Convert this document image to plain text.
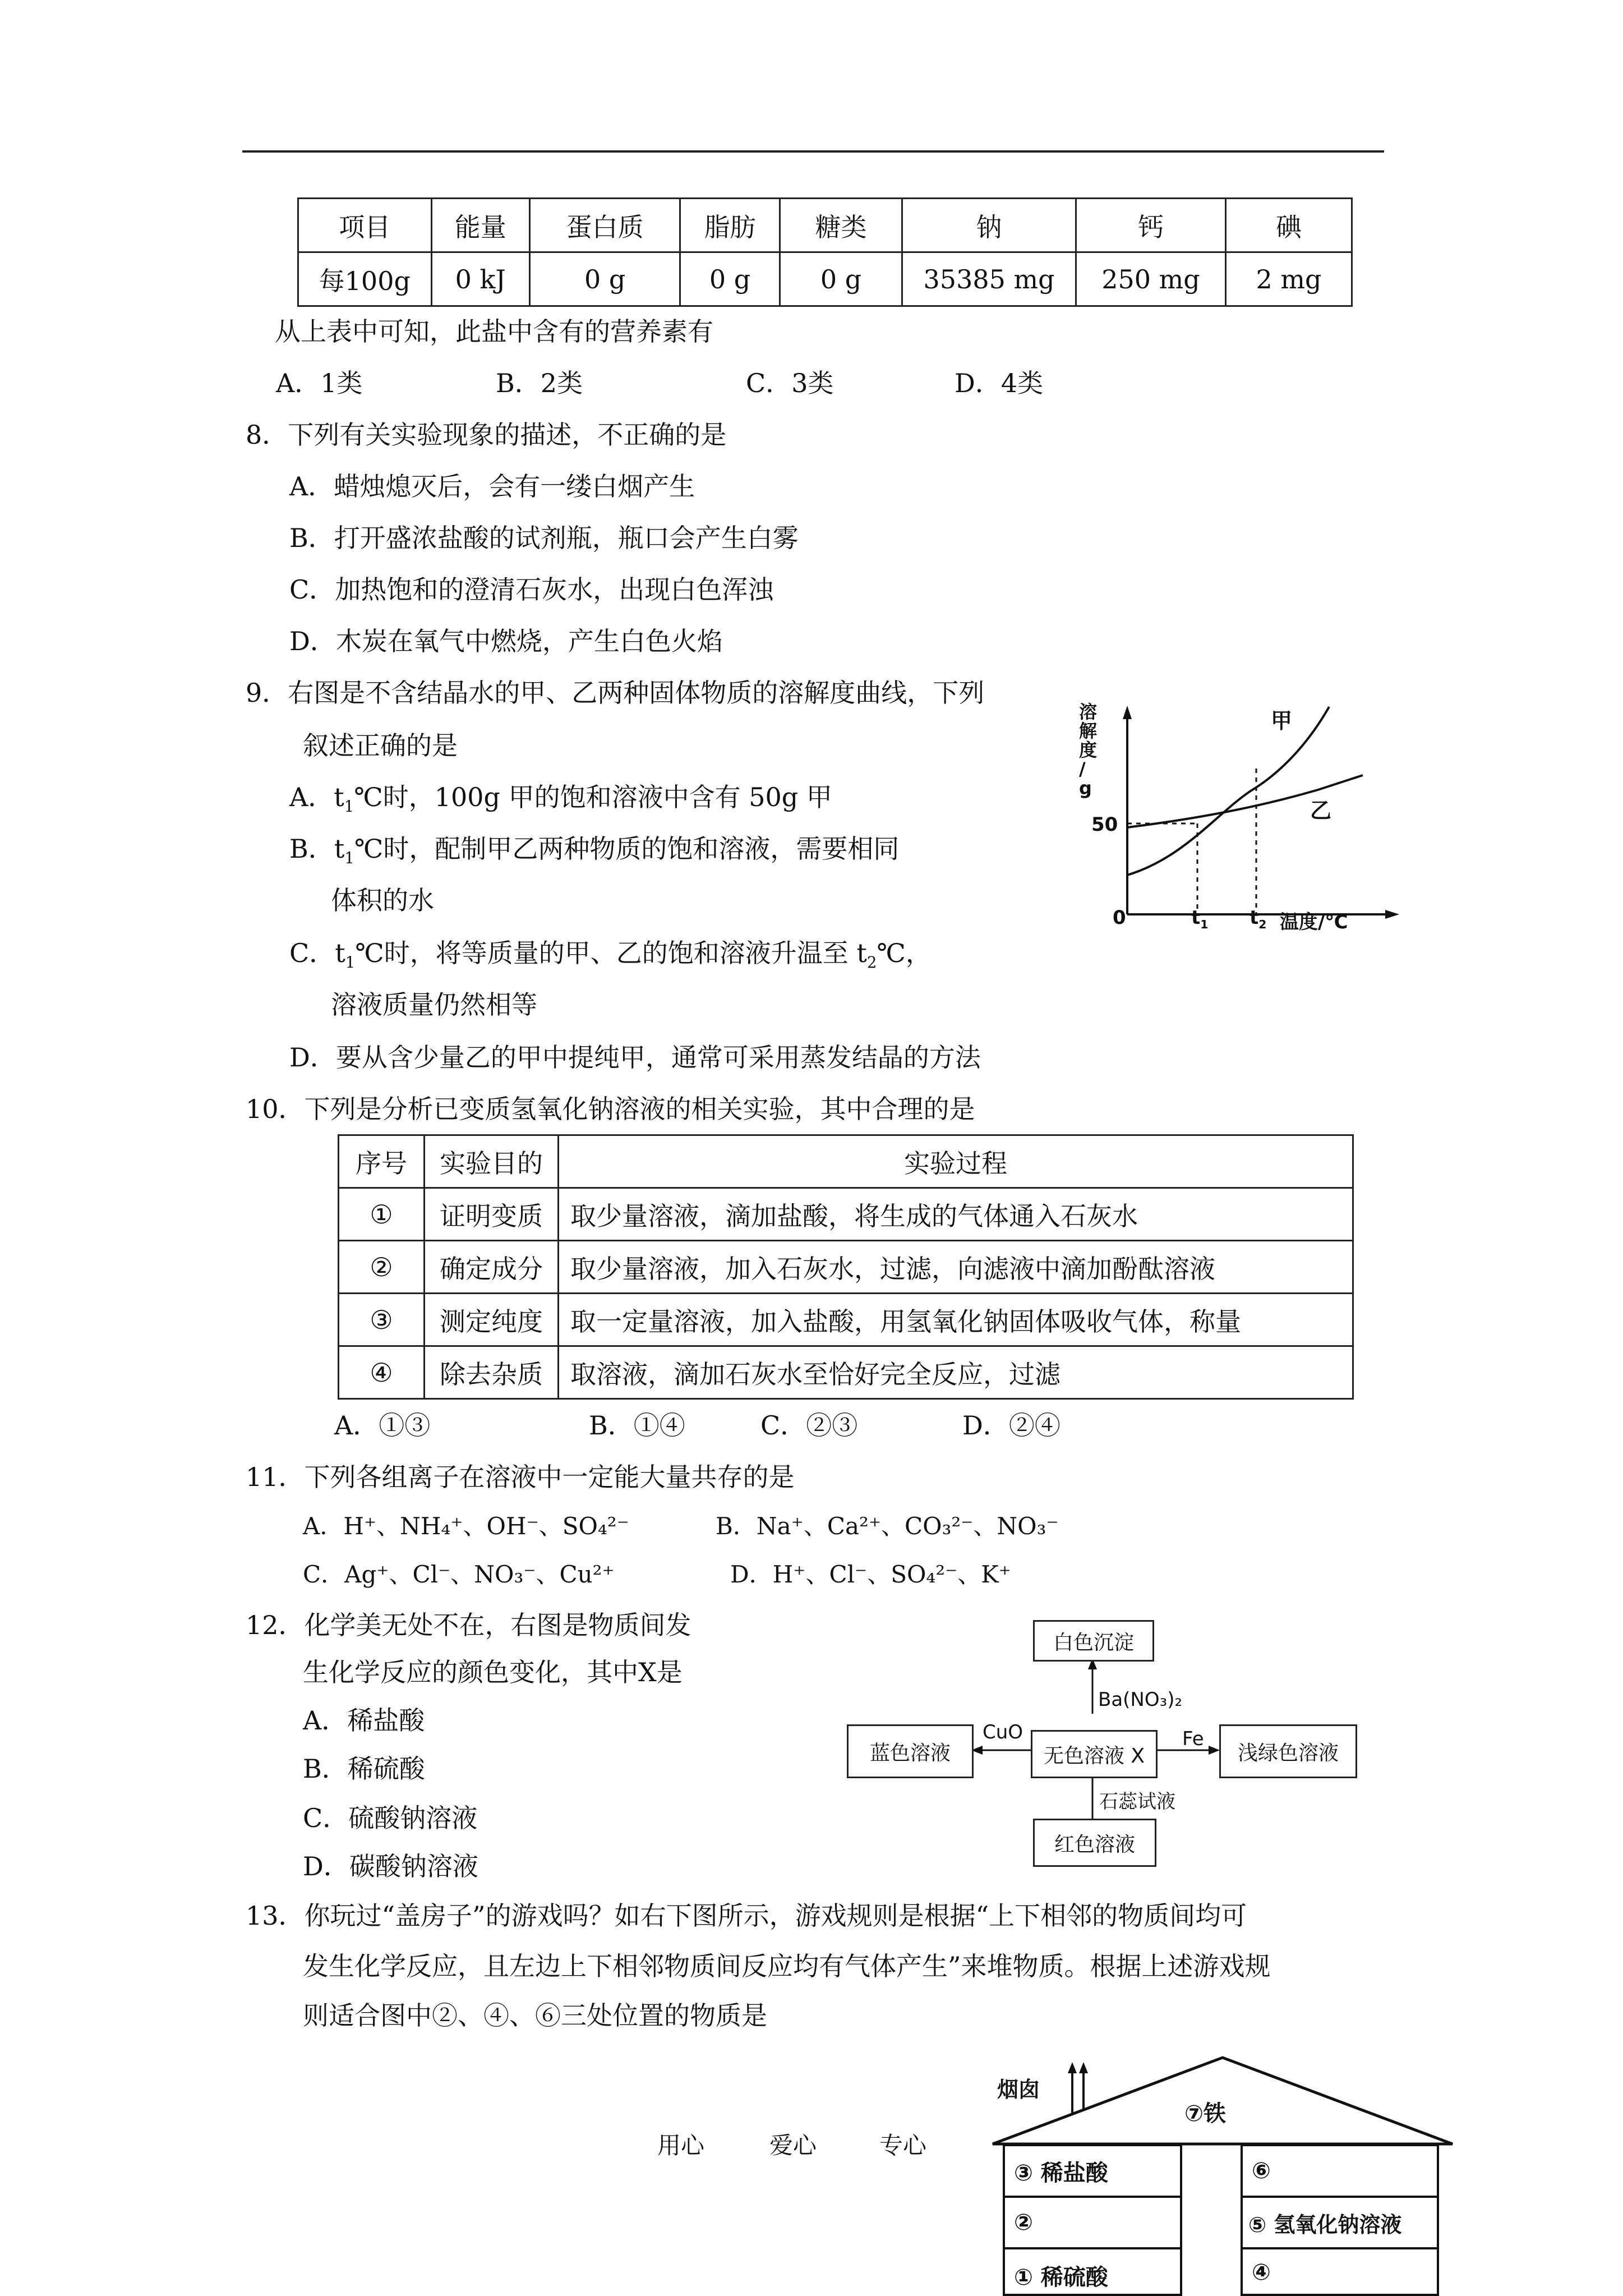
项目	能量	蛋白质	脂肪	糖类	钠	钙	碘
每100g	0 kJ	0 g	0 g	0 g	35385 mg	250 mg	2 mg
从上表中可知，此盐中含有的营养素有
A．1类	B．2类	C．3类	D．4类
8．下列有关实验现象的描述，不正确的是
A．蜡烛熄灭后，会有一缕白烟产生
B．打开盛浓盐酸的试剂瓶，瓶口会产生白雾
C．加热饱和的澄清石灰水，出现白色浑浊
D．木炭在氧气中燃烧，产生白色火焰
9．右图是不含结晶水的甲、乙两种固体物质的溶解度曲线，下列
叙述正确的是
A．$t_1℃$时，100g 甲的饱和溶液中含有 50g 甲
B．$t_1℃$时，配制甲乙两种物质的饱和溶液，需要相同
体积的水
C．$t_1℃$时，将等质量的甲、乙的饱和溶液升温至 $t_2℃$，
溶液质量仍然相等
D．要从含少量乙的甲中提纯甲，通常可采用蒸发结晶的方法
溶
解
度
/
g
50
0	$t_1$ $t_2$ 温度/℃
甲
乙
10．下列是分析已变质氢氧化钠溶液的相关实验，其中合理的是
序号	实验目的	实验过程
①	证明变质	取少量溶液，滴加盐酸，将生成的气体通入石灰水
②	确定成分	取少量溶液，加入石灰水，过滤，向滤液中滴加酚酞溶液
③	测定纯度	取一定量溶液，加入盐酸，用氢氧化钠固体吸收气体，称量
④	除去杂质	取溶液，滴加石灰水至恰好完全反应，过滤
A．①③	B．①④	C．②③	D．②④
11．下列各组离子在溶液中一定能大量共存的是
A．H⁺、NH₄⁺、OH⁻、SO₄²⁻	B．Na⁺、Ca²⁺、CO₃²⁻、NO₃⁻
C．Ag⁺、Cl⁻、NO₃⁻、Cu²⁺	D．H⁺、Cl⁻、SO₄²⁻、K⁺
12．化学美无处不在，右图是物质间发
生化学反应的颜色变化，其中X是
A．稀盐酸
B．稀硫酸
C．硫酸钠溶液
D．碳酸钠溶液
白色沉淀
无色溶液 X
蓝色溶液	浅绿色溶液
红色溶液
Ba(NO₃)₂
CuO	Fe
石蕊试液
13．你玩过“盖房子”的游戏吗？如右下图所示，游戏规则是根据“上下相邻的物质间均可
发生化学反应，且左边上下相邻物质间反应均有气体产生”来堆物质。根据上述游戏规
则适合图中②、④、⑥三处位置的物质是
烟囱
⑦铁
③ 稀盐酸	⑥
②	⑤ 氢氧化钠溶液
① 稀硫酸	④
用心	爱心	专心
